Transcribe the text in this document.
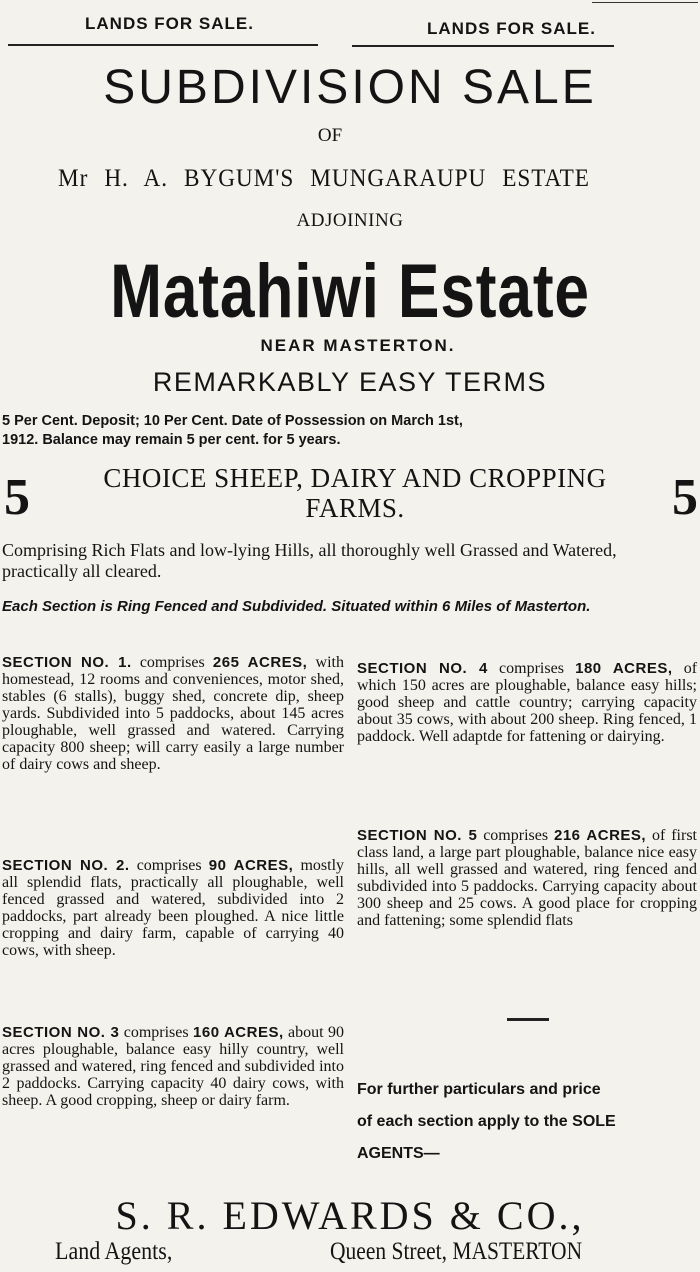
LANDS FOR SALE.	LANDS FOR SALE.
SUBDIVISION SALE
OF
Mr H. A. BYGUM'S MUNGARAUPU ESTATE
ADJOINING
Matahiwi Estate
NEAR MASTERTON.
REMARKABLY EASY TERMS
5 Per Cent. Deposit; 10 Per Cent. Date of Possession on March 1st,
1912. Balance may remain 5 per cent. for 5 years.
5	CHOICE SHEEP, DAIRY AND CROPPING FARMS.	5
Comprising Rich Flats and low-lying Hills, all thoroughly well Grassed and Watered, practically all cleared.
Each Section is Ring Fenced and Subdivided. Situated within 6 Miles of Masterton.
SECTION NO. 1. comprises 265 ACRES, with homestead, 12 rooms and conveniences, motor shed, stables (6 stalls), buggy shed, concrete dip, sheep yards. Subdivided into 5 paddocks, about 145 acres ploughable, well grassed and watered. Carrying capacity 800 sheep; will carry easily a large number of dairy cows and sheep.
SECTION NO. 2. comprises 90 ACRES, mostly all splendid flats, practically all ploughable, well fenced grassed and watered, subdivided into 2 paddocks, part already been ploughed. A nice little cropping and dairy farm, capable of carrying 40 cows, with sheep.
SECTION NO. 3 comprises 160 ACRES, about 90 acres ploughable, balance easy hilly country, well grassed and watered, ring fenced and subdivided into 2 paddocks. Carrying capacity 40 dairy cows, with sheep. A good cropping, sheep or dairy farm.
SECTION NO. 4 comprises 180 ACRES, of which 150 acres are ploughable, balance easy hills; good sheep and cattle country; carrying capacity about 35 cows, with about 200 sheep. Ring fenced, 1 paddock. Well adaptde for fattening or dairying.
SECTION NO. 5 comprises 216 ACRES, of first class land, a large part ploughable, balance nice easy hills, all well grassed and watered, ring fenced and subdivided into 5 paddocks. Carrying capacity about 300 sheep and 25 cows. A good place for cropping and fattening; some splendid flats
For further particulars and price
of each section apply to the SOLE
AGENTS—
S. R. EDWARDS & CO.,
Land Agents,	Queen Street, MASTERTON
